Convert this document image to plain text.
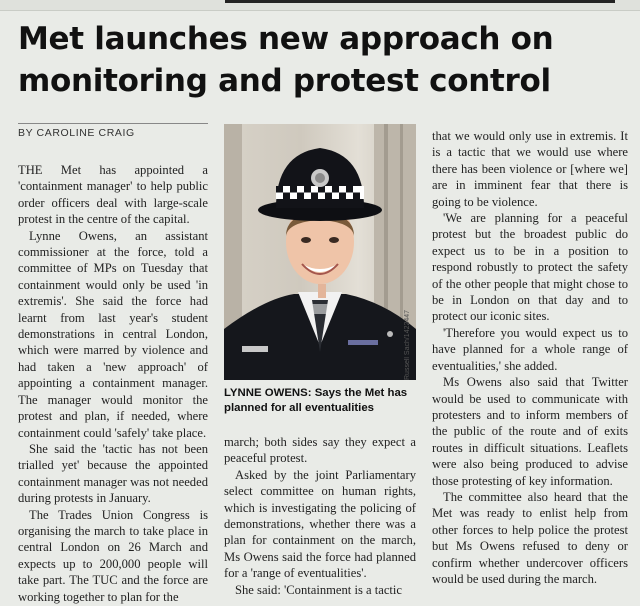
Met launches new approach on
monitoring and protest control
BY CAROLINE CRAIG

THE Met has appointed a 'containment manager' to help public order officers deal with large-scale protest in the centre of the capital.

Lynne Owens, an assistant commissioner at the force, told a committee of MPs on Tuesday that containment would only be used 'in extremis'. She said the force had learnt from last year's student demonstrations in central London, which were marred by violence and had taken a 'new approach' of appointing a containment manager. The manager would monitor the protest and plan, if needed, where containment could 'safely' take place.

She said the 'tactic has not been trialled yet' because the appointed containment manager was not needed during protests in January.

The Trades Union Congress is organising the march to take place in central London on 26 March and expects up to 200,000 people will take part. The TUC and the force are working together to plan for the

Russell Sach/1422447
LYNNE OWENS: Says the Met has planned for all eventualities

march; both sides say they expect a peaceful protest.

Asked by the joint Parliamentary select committee on human rights, which is investigating the policing of demonstrations, whether there was a plan for containment on the march, Ms Owens said the force had planned for a 'range of eventualities'.

She said: 'Containment is a tactic

that we would only use in extremis. It is a tactic that we would use where there has been violence or [where we] are in imminent fear that there is going to be violence.

'We are planning for a peaceful protest but the broadest public do expect us to be in a position to respond robustly to protect the safety of the other people that might chose to be in London on that day and to protect our iconic sites.

'Therefore you would expect us to have planned for a whole range of eventualities,' she added.

Ms Owens also said that Twitter would be used to communicate with protesters and to inform members of the public of the route and of exits routes in difficult situations. Leaflets were also being produced to advise those protesting of key information.

The committee also heard that the Met was ready to enlist help from other forces to help police the protest but Ms Owens refused to deny or confirm whether undercover officers would be used during the march.
